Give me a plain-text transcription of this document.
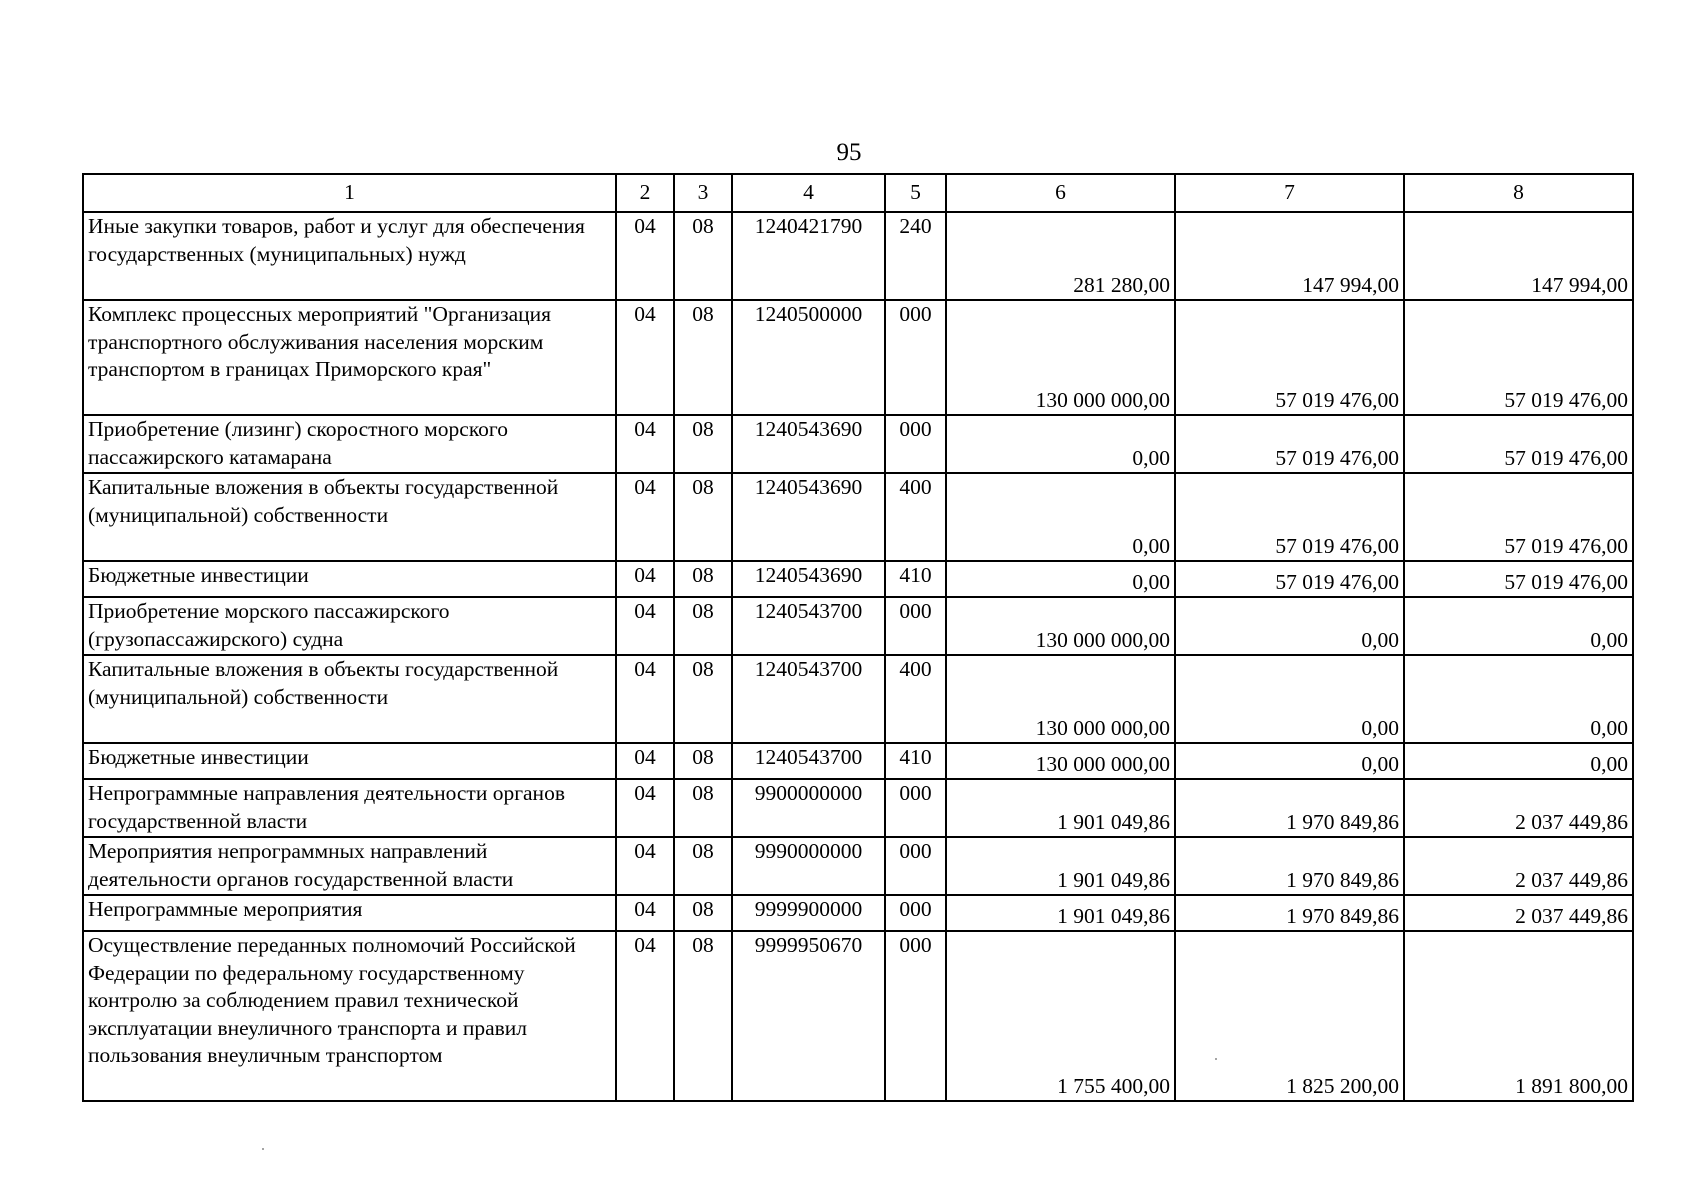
95
1	2	3	4	5	6	7	8
Иные закупки товаров, работ и услуг для обеспечения государственных (муниципальных) нужд	04	08	1240421790	240	281 280,00	147 994,00	147 994,00
Комплекс процессных мероприятий "Организация транспортного обслуживания населения морским транспортом в границах Приморского края"	04	08	1240500000	000	130 000 000,00	57 019 476,00	57 019 476,00
Приобретение (лизинг) скоростного морского пассажирского катамарана	04	08	1240543690	000	0,00	57 019 476,00	57 019 476,00
Капитальные вложения в объекты государственной (муниципальной) собственности	04	08	1240543690	400	0,00	57 019 476,00	57 019 476,00
Бюджетные инвестиции	04	08	1240543690	410	0,00	57 019 476,00	57 019 476,00
Приобретение морского пассажирского (грузопассажирского) судна	04	08	1240543700	000	130 000 000,00	0,00	0,00
Капитальные вложения в объекты государственной (муниципальной) собственности	04	08	1240543700	400	130 000 000,00	0,00	0,00
Бюджетные инвестиции	04	08	1240543700	410	130 000 000,00	0,00	0,00
Непрограммные направления деятельности органов государственной власти	04	08	9900000000	000	1 901 049,86	1 970 849,86	2 037 449,86
Мероприятия непрограммных направлений деятельности органов государственной власти	04	08	9990000000	000	1 901 049,86	1 970 849,86	2 037 449,86
Непрограммные мероприятия	04	08	9999900000	000	1 901 049,86	1 970 849,86	2 037 449,86
Осуществление переданных полномочий Российской Федерации по федеральному государственному контролю за соблюдением правил технической эксплуатации внеуличного транспорта и правил пользования внеуличным транспортом	04	08	9999950670	000	1 755 400,00	1 825 200,00	1 891 800,00
